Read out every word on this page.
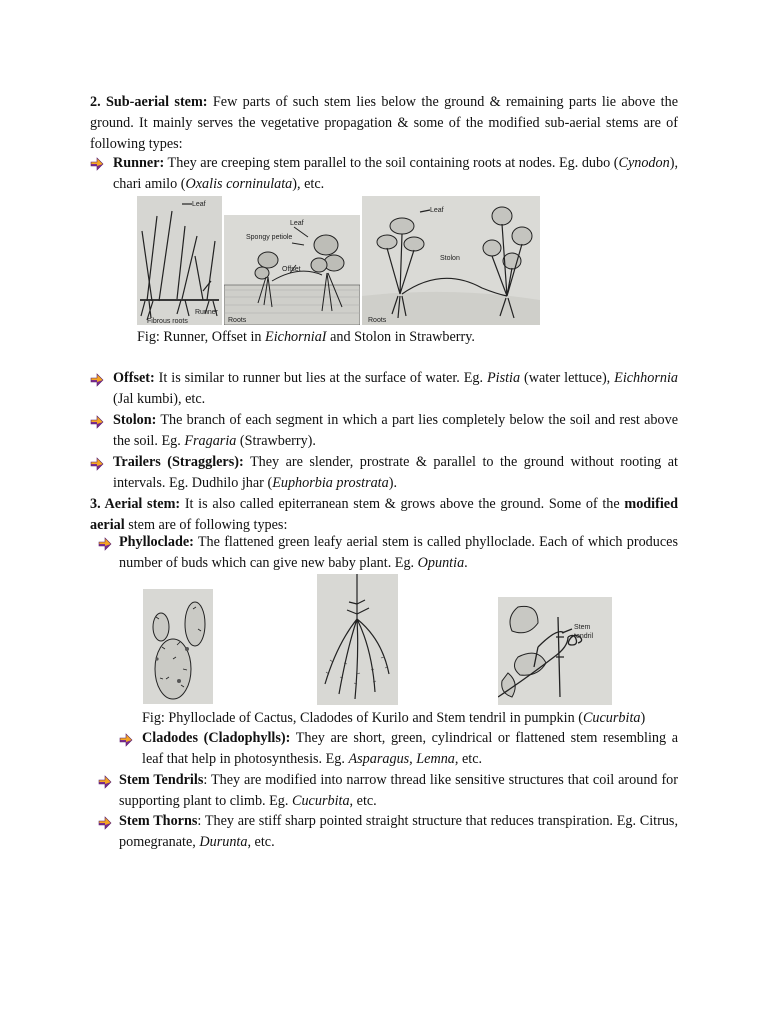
2. Sub-aerial stem: Few parts of such stem lies below the ground & remaining parts lie above the ground. It mainly serves the vegetative propagation & some of the modified sub-aerial stems are of following types:
Runner: They are creeping stem parallel to the soil containing roots at nodes. Eg. dubo (Cynodon), chari amilo (Oxalis corninulata), etc.
Leaf
Runner
Fibrous roots
Leaf
Spongy petiole
Offset
Roots
Leaf
Stolon
Roots
Fig: Runner, Offset in EichorniaI and Stolon in Strawberry.
Offset: It is similar to runner but lies at the surface of water. Eg. Pistia (water lettuce), Eichhornia (Jal kumbi), etc.
Stolon: The branch of each segment in which a part lies completely below the soil and rest above the soil. Eg. Fragaria (Strawberry).
Trailers (Stragglers): They are slender, prostrate & parallel to the ground without rooting at intervals. Eg. Dudhilo jhar (Euphorbia prostrata).
3. Aerial stem: It is also called epiterranean stem & grows above the ground. Some of the modified aerial stem are of following types:
Phylloclade: The flattened green leafy aerial stem is called phylloclade. Each of which produces number of buds which can give new baby plant. Eg. Opuntia.
Stem
tendril
Fig: Phylloclade of Cactus, Cladodes of Kurilo and Stem tendril in pumpkin (Cucurbita)
Cladodes (Cladophylls): They are short, green, cylindrical or flattened stem resembling a leaf that help in photosynthesis. Eg. Asparagus, Lemna, etc.
Stem Tendrils: They are modified into narrow thread like sensitive structures that coil around for supporting plant to climb. Eg. Cucurbita, etc.
Stem Thorns: They are stiff sharp pointed straight structure that reduces transpiration. Eg. Citrus, pomegranate, Durunta, etc.
